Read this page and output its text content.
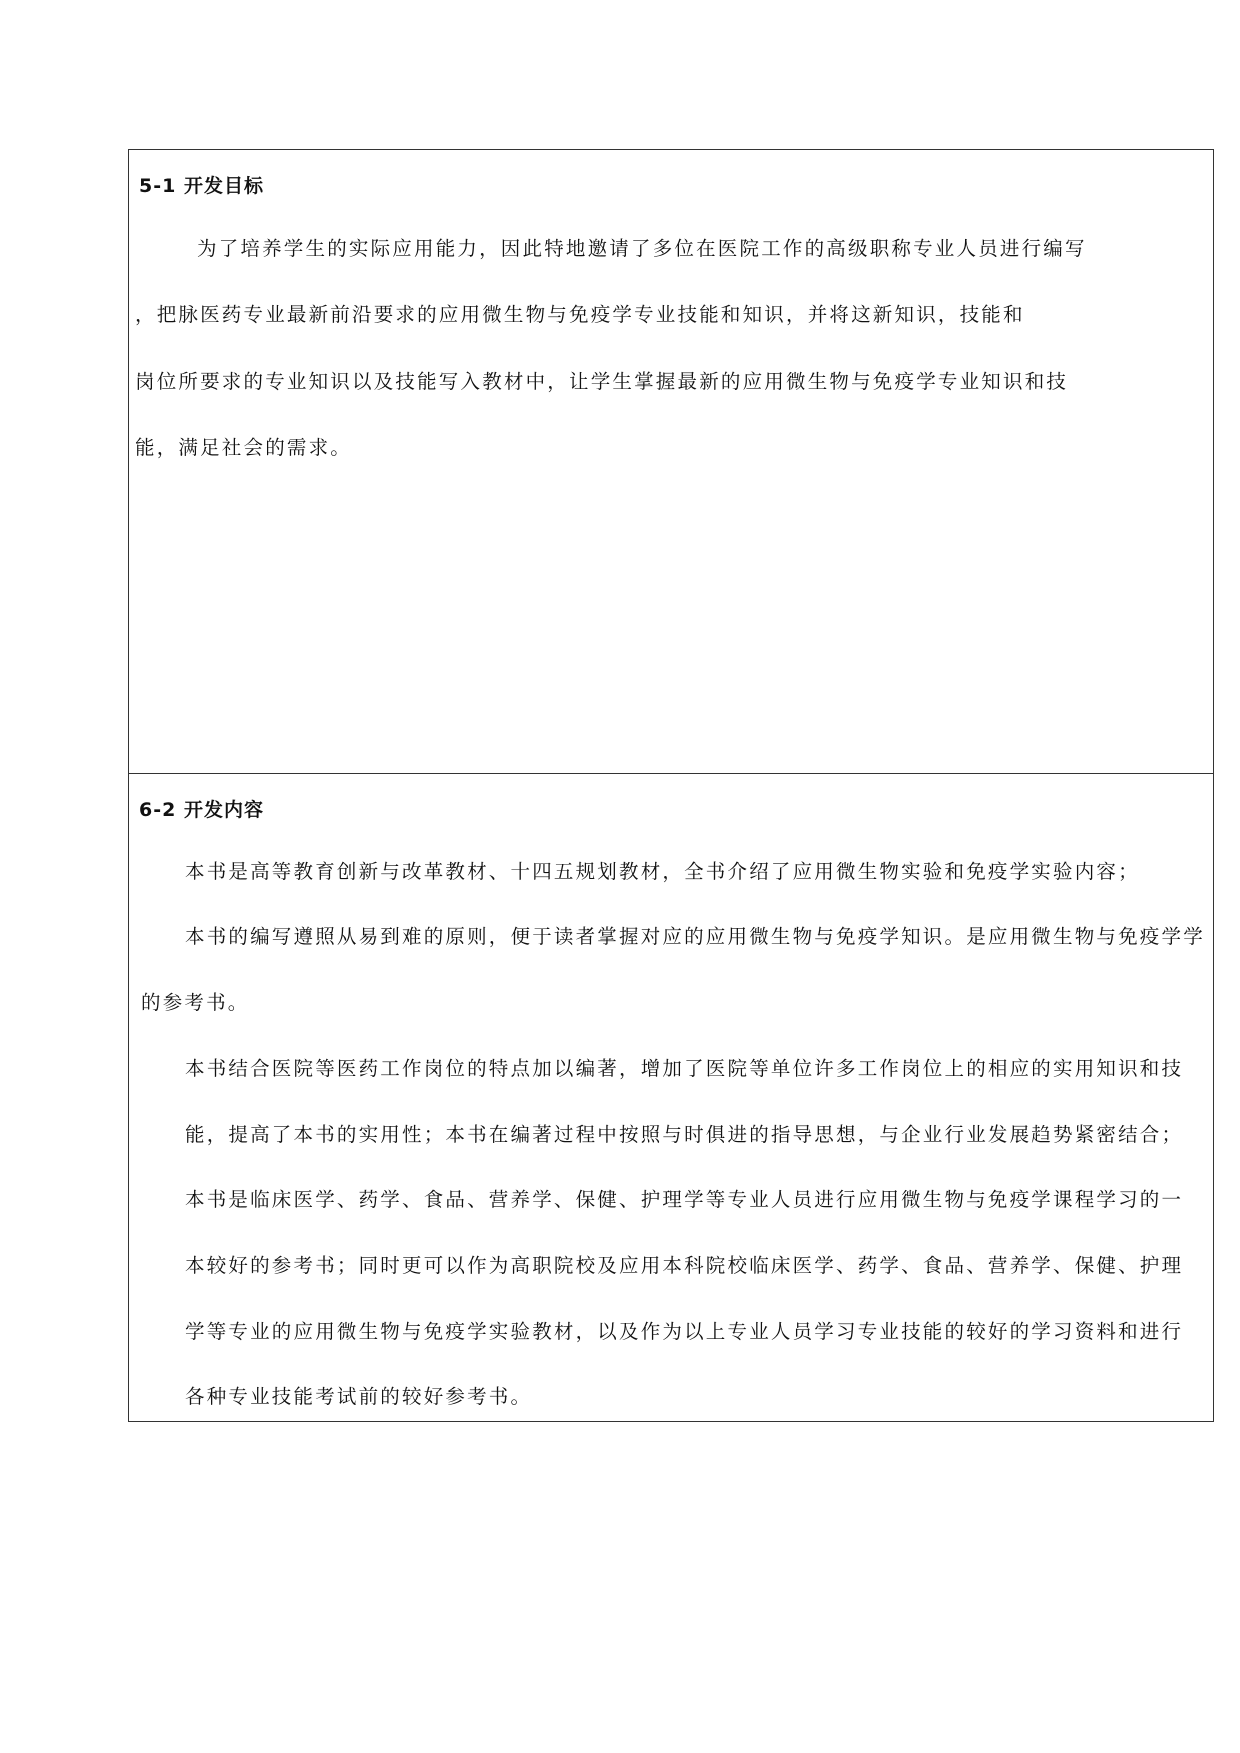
5-1 开发目标
为了培养学生的实际应用能力，因此特地邀请了多位在医院工作的高级职称专业人员进行编写
，把脉医药专业最新前沿要求的应用微生物与免疫学专业技能和知识，并将这新知识，技能和
岗位所要求的专业知识以及技能写入教材中，让学生掌握最新的应用微生物与免疫学专业知识和技
能，满足社会的需求。
6-2 开发内容
本书是高等教育创新与改革教材、十四五规划教材，全书介绍了应用微生物实验和免疫学实验内容；
本书的编写遵照从易到难的原则，便于读者掌握对应的应用微生物与免疫学知识。是应用微生物与免疫学学
的参考书。
本书结合医院等医药工作岗位的特点加以编著，增加了医院等单位许多工作岗位上的相应的实用知识和技
能，提高了本书的实用性；本书在编著过程中按照与时俱进的指导思想，与企业行业发展趋势紧密结合；
本书是临床医学、药学、食品、营养学、保健、护理学等专业人员进行应用微生物与免疫学课程学习的一
本较好的参考书；同时更可以作为高职院校及应用本科院校临床医学、药学、食品、营养学、保健、护理
学等专业的应用微生物与免疫学实验教材，以及作为以上专业人员学习专业技能的较好的学习资料和进行
各种专业技能考试前的较好参考书。
